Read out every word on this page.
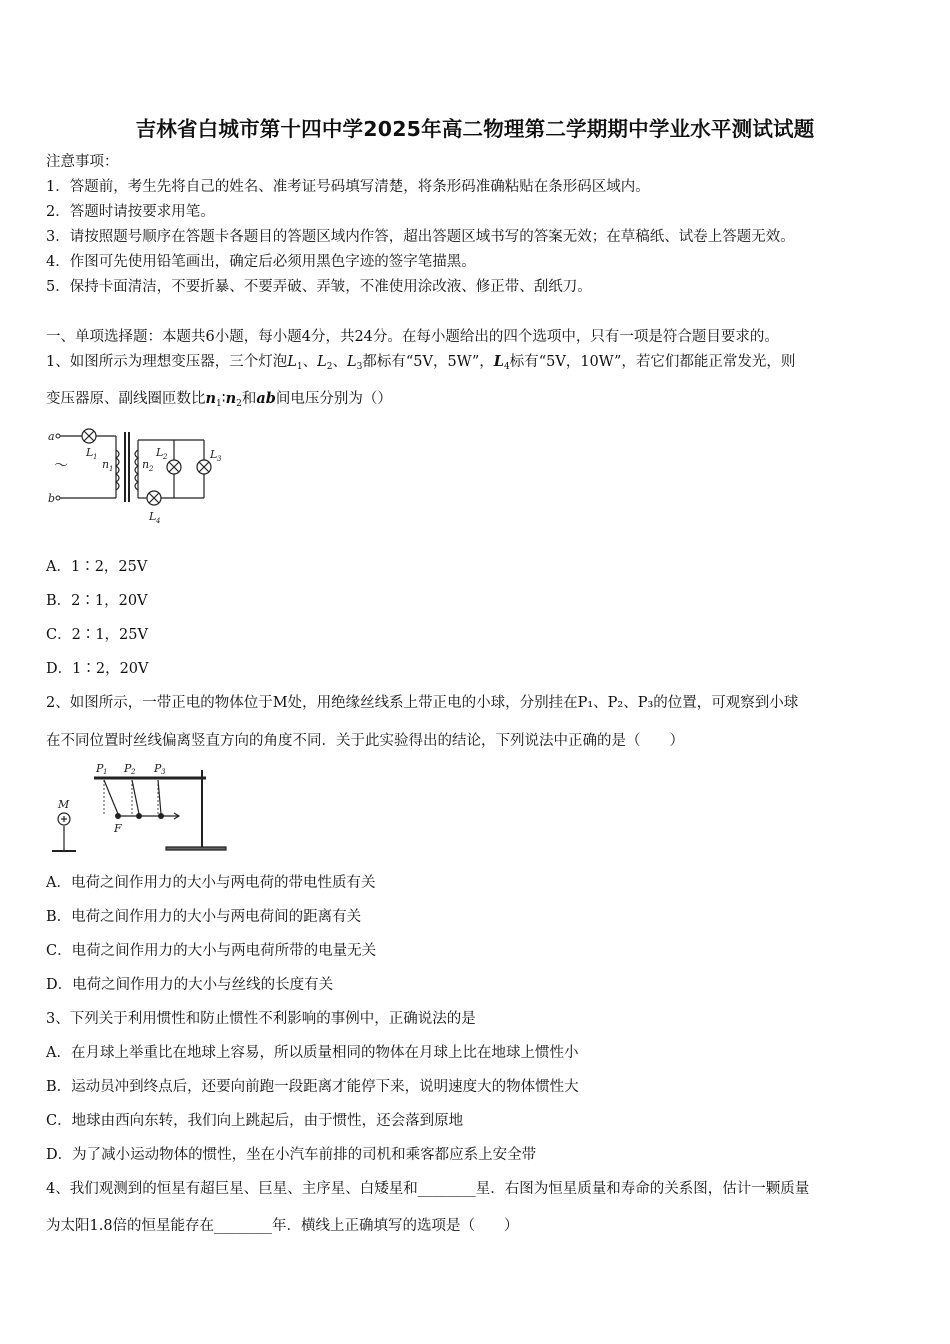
吉林省白城市第十四中学2025年高二物理第二学期期中学业水平测试试题
注意事项：
1．答题前，考生先将自己的姓名、准考证号码填写清楚，将条形码准确粘贴在条形码区域内。
2．答题时请按要求用笔。
3．请按照题号顺序在答题卡各题目的答题区域内作答，超出答题区域书写的答案无效；在草稿纸、试卷上答题无效。
4．作图可先使用铅笔画出，确定后必须用黑色字迹的签字笔描黑。
5．保持卡面清洁，不要折暴、不要弄破、弄皱，不准使用涂改液、修正带、刮纸刀。
一、单项选择题：本题共6小题，每小题4分，共24分。在每小题给出的四个选项中，只有一项是符合题目要求的。
1、如图所示为理想变压器，三个灯泡$L_1$、$L_2$、$L_3$都标有“5V，5W”，$L_4$标有“5V，10W”，若它们都能正常发光，则
变压器原、副线圈匝数比$n_1∶n_2$和ab间电压分别为（）
a
b
～
L 1
n 1	n 2
L 2	L 3
L 4
A．1∶2，25V
B．2∶1，20V
C．2∶1，25V
D．1∶2，20V
2、如图所示，一带正电的物体位于M处，用绝缘丝线系上带正电的小球，分别挂在P₁、P₂、P₃的位置，可观察到小球
在不同位置时丝线偏离竖直方向的角度不同．关于此实验得出的结论，下列说法中正确的是（　　）
M
P 1 P 2 P 3
F
A．电荷之间作用力的大小与两电荷的带电性质有关
B．电荷之间作用力的大小与两电荷间的距离有关
C．电荷之间作用力的大小与两电荷所带的电量无关
D．电荷之间作用力的大小与丝线的长度有关
3、下列关于利用惯性和防止惯性不利影响的事例中，正确说法的是
A．在月球上举重比在地球上容易，所以质量相同的物体在月球上比在地球上惯性小
B．运动员冲到终点后，还要向前跑一段距离才能停下来，说明速度大的物体惯性大
C．地球由西向东转，我们向上跳起后，由于惯性，还会落到原地
D．为了减小运动物体的惯性，坐在小汽车前排的司机和乘客都应系上安全带
4、我们观测到的恒星有超巨星、巨星、主序星、白矮星和________星．右图为恒星质量和寿命的关系图，估计一颗质量
为太阳1.8倍的恒星能存在________年．横线上正确填写的选项是（　　）
